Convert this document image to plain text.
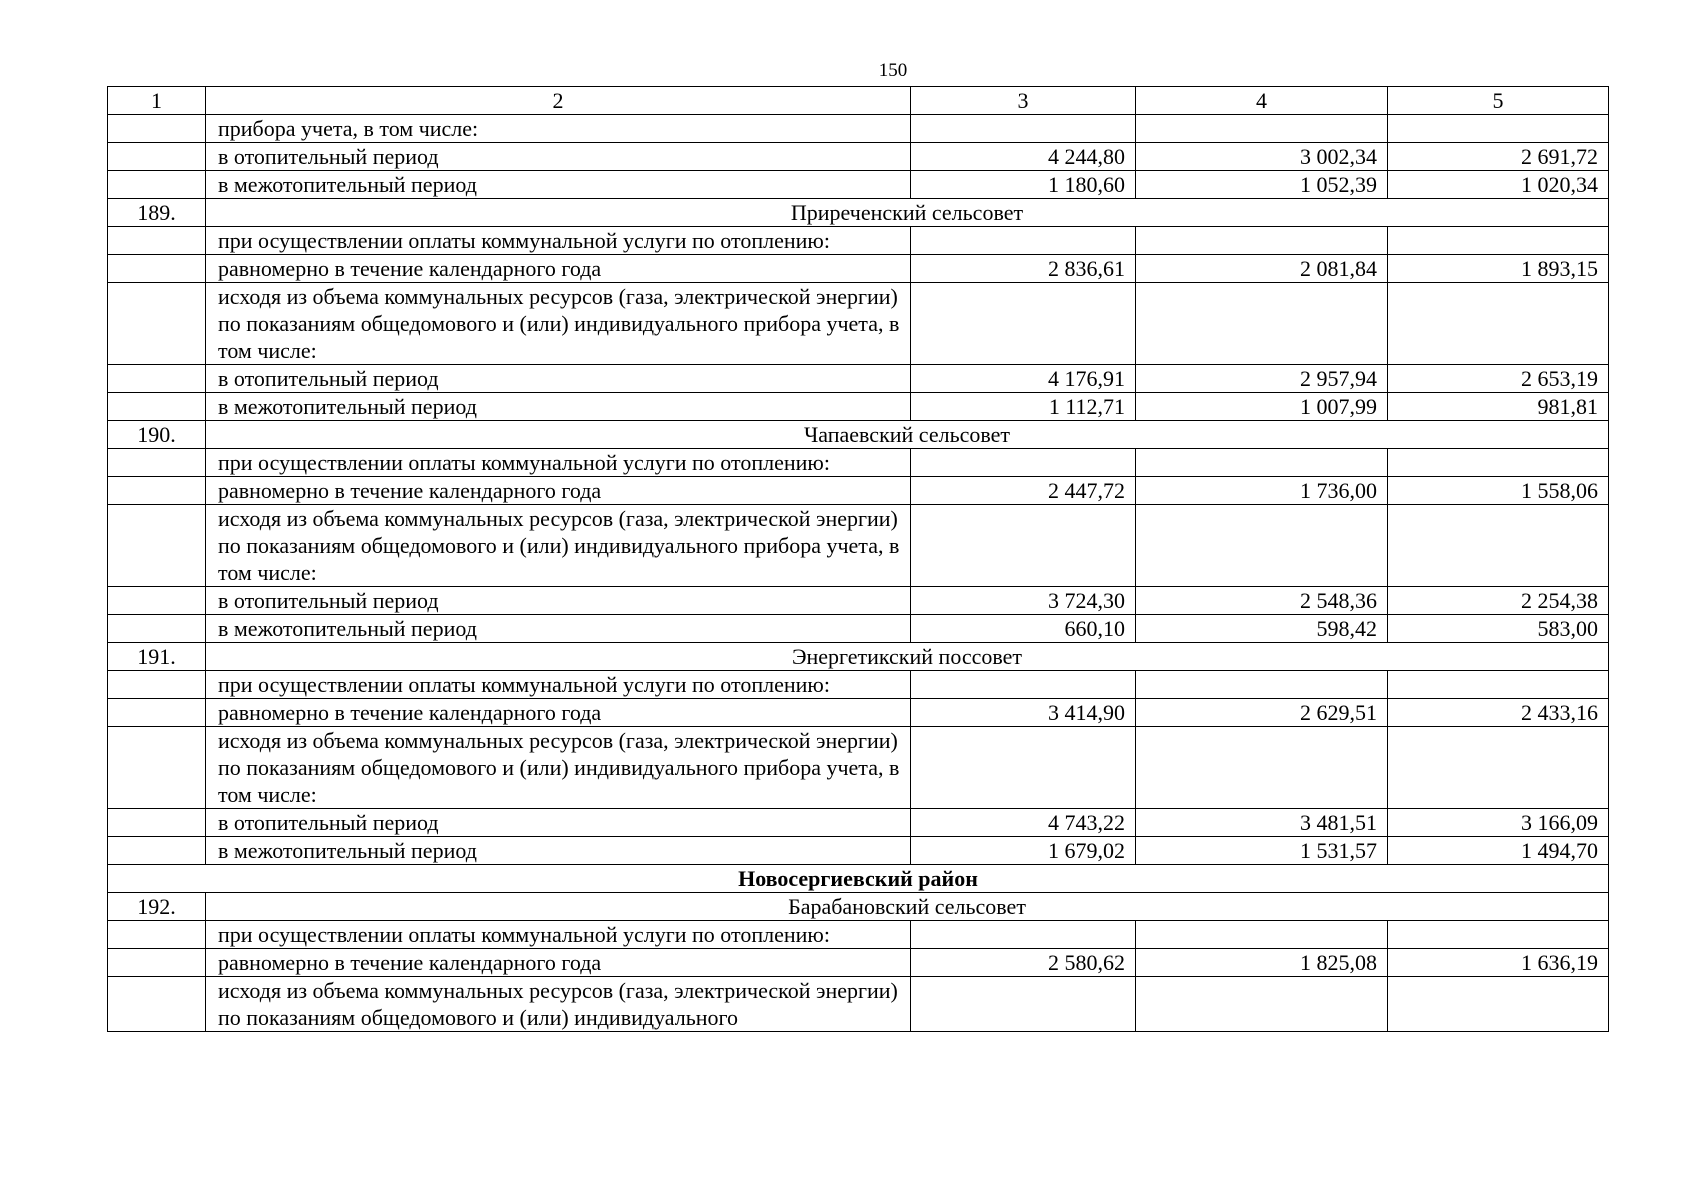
150
1	2	3	4	5
	прибора учета, в том числе:			
	в отопительный период	4 244,80	3 002,34	2 691,72
	в межотопительный период	1 180,60	1 052,39	1 020,34
189.	Приреченский сельсовет			
	при осуществлении оплаты коммунальной услуги по отоплению:			
	равномерно в течение календарного года	2 836,61	2 081,84	1 893,15
	исходя из объема коммунальных ресурсов (газа, электрической энергии) по показаниям общедомового и (или) индивидуального прибора учета, в том числе:			
	в отопительный период	4 176,91	2 957,94	2 653,19
	в межотопительный период	1 112,71	1 007,99	981,81
190.	Чапаевский сельсовет			
	при осуществлении оплаты коммунальной услуги по отоплению:			
	равномерно в течение календарного года	2 447,72	1 736,00	1 558,06
	исходя из объема коммунальных ресурсов (газа, электрической энергии) по показаниям общедомового и (или) индивидуального прибора учета, в том числе:			
	в отопительный период	3 724,30	2 548,36	2 254,38
	в межотопительный период	660,10	598,42	583,00
191.	Энергетикский поссовет			
	при осуществлении оплаты коммунальной услуги по отоплению:			
	равномерно в течение календарного года	3 414,90	2 629,51	2 433,16
	исходя из объема коммунальных ресурсов (газа, электрической энергии) по показаниям общедомового и (или) индивидуального прибора учета, в том числе:			
	в отопительный период	4 743,22	3 481,51	3 166,09
	в межотопительный период	1 679,02	1 531,57	1 494,70
Новосергиевский район				
192.	Барабановский сельсовет			
	при осуществлении оплаты коммунальной услуги по отоплению:			
	равномерно в течение календарного года	2 580,62	1 825,08	1 636,19
	исходя из объема коммунальных ресурсов (газа, электрической энергии) по показаниям общедомового и (или) индивидуального			
